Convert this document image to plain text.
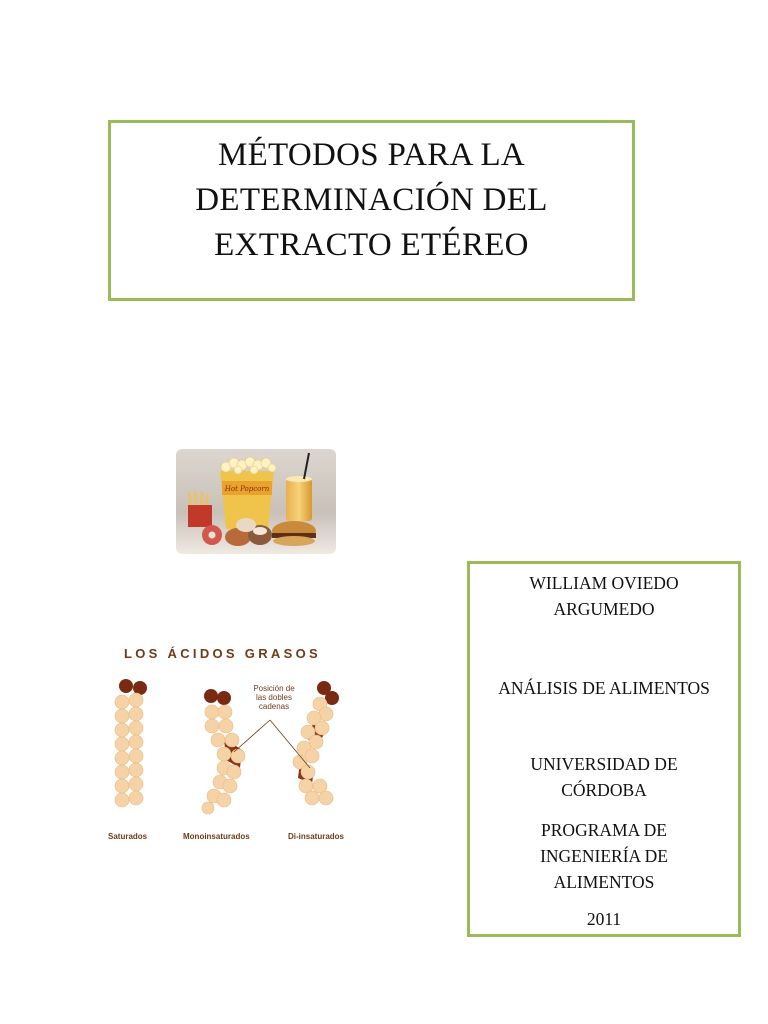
MÉTODOS PARA LA
DETERMINACIÓN DEL
EXTRACTO ETÉREO
Hot Popcorn
LOS ÁCIDOS GRASOS
Posición de
las dobles
cadenas
Saturados	Monoinsaturados	Di-insaturados
WILLIAM OVIEDO
ARGUMEDO
ANÁLISIS DE ALIMENTOS
UNIVERSIDAD DE
CÓRDOBA
PROGRAMA DE
INGENIERÍA DE
ALIMENTOS
2011
